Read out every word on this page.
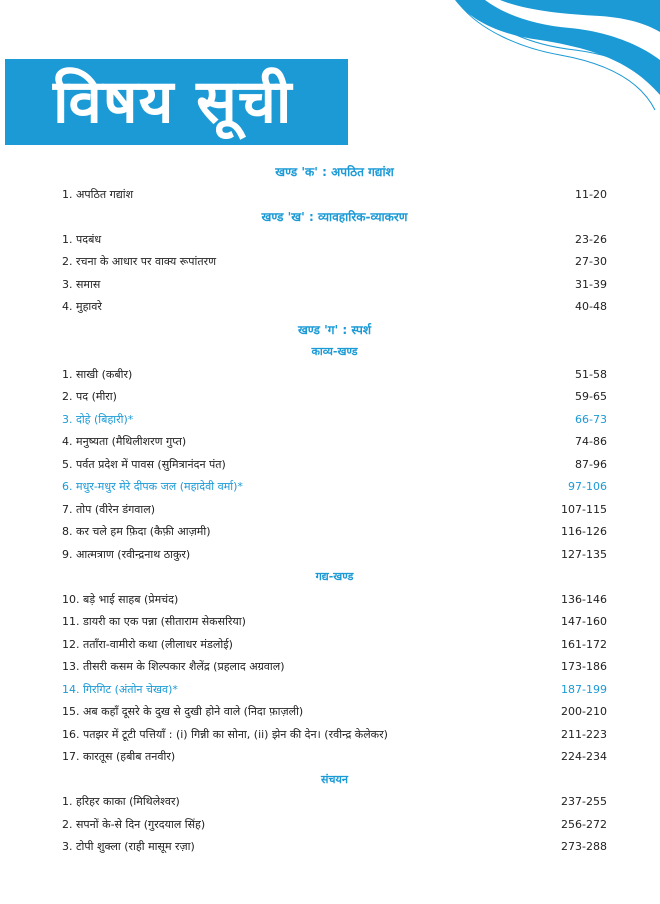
विषय सूची
खण्ड 'क' : अपठित गद्यांश
1. अपठित गद्यांश	11-20
खण्ड 'ख' : व्यावहारिक-व्याकरण
1. पदबंध	23-26
2. रचना के आधार पर वाक्य रूपांतरण	27-30
3. समास	31-39
4. मुहावरे	40-48
खण्ड 'ग' : स्पर्श
काव्य-खण्ड
1. साखी (कबीर)	51-58
2. पद (मीरा)	59-65
3. दोहे (बिहारी)*	66-73
4. मनुष्यता (मैथिलीशरण गुप्त)	74-86
5. पर्वत प्रदेश में पावस (सुमित्रानंदन पंत)	87-96
6. मधुर-मधुर मेरे दीपक जल (महादेवी वर्मा)*	97-106
7. तोप (वीरेन डंगवाल)	107-115
8. कर चले हम फ़िदा (कैफ़ी आज़मी)	116-126
9. आत्मत्राण (रवीन्द्रनाथ ठाकुर)	127-135
गद्य-खण्ड
10. बड़े भाई साहब (प्रेमचंद)	136-146
11. डायरी का एक पन्ना (सीताराम सेकसरिया)	147-160
12. तताँरा-वामीरो कथा (लीलाधर मंडलोई)	161-172
13. तीसरी कसम के शिल्पकार शैलेंद्र (प्रहलाद अग्रवाल)	173-186
14. गिरगिट (अंतोन चेखव)*	187-199
15. अब कहाँ दूसरे के दुख से दुखी होने वाले (निदा फ़ाज़ली)	200-210
16. पतझर में टूटी पत्तियाँ : (i) गिन्नी का सोना, (ii) झेन की देन। (रवीन्द्र केलेकर)	211-223
17. कारतूस (हबीब तनवीर)	224-234
संचयन
1. हरिहर काका (मिथिलेश्वर)	237-255
2. सपनों के-से दिन (गुरदयाल सिंह)	256-272
3. टोपी शुक्ला (राही मासूम रज़ा)	273-288
